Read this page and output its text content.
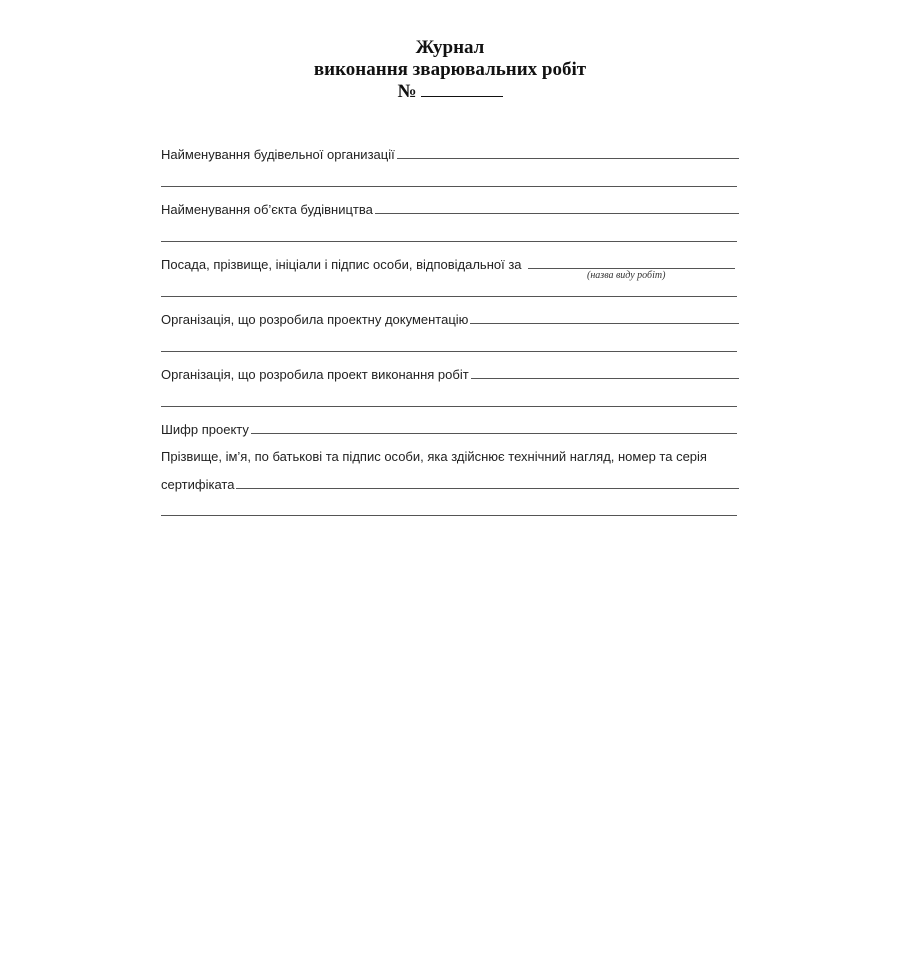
Журнал
виконання зварювальних робіт
№
Найменування будівельної организації
Найменування об’єкта будівництва
Посада, прізвище, ініціали і підпис особи, відповідальної за
(назва виду робіт)
Організація, що розробила проектну документацію
Організація, що розробила проект виконання робіт
Шифр проекту
Прізвище, ім’я, по батькові та підпис особи, яка здійснює технічний нагляд, номер та серія
сертифіката
